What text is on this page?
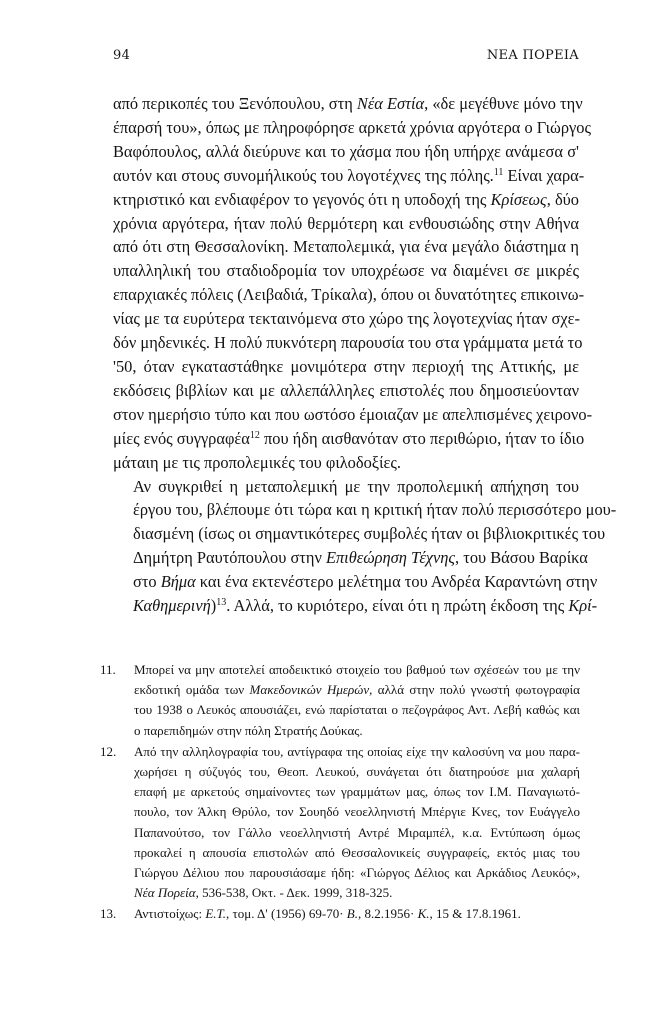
94	ΝΕΑ ΠΟΡΕΙΑ

από περικοπές του Ξενόπουλου, στη Νέα Εστία, «δε μεγέθυνε μόνο την
έπαρσή του», όπως με πληροφόρησε αρκετά χρόνια αργότερα ο Γιώργος
Βαφόπουλος, αλλά διεύρυνε και το χάσμα που ήδη υπήρχε ανάμεσα σ'
αυτόν και στους συνομήλικούς του λογοτέχνες της πόλης.$^{11}$ Είναι χαρα-
κτηριστικό και ενδιαφέρον το γεγονός ότι η υποδοχή της Κρίσεως, δύο
χρόνια αργότερα, ήταν πολύ θερμότερη και ενθουσιώδης στην Αθήνα
από ότι στη Θεσσαλονίκη. Μεταπολεμικά, για ένα μεγάλο διάστημα η
υπαλληλική του σταδιοδρομία τον υποχρέωσε να διαμένει σε μικρές
επαρχιακές πόλεις (Λειβαδιά, Τρίκαλα), όπου οι δυνατότητες επικοινω-
νίας με τα ευρύτερα τεκταινόμενα στο χώρο της λογοτεχνίας ήταν σχε-
δόν μηδενικές. Η πολύ πυκνότερη παρουσία του στα γράμματα μετά το
'50, όταν εγκαταστάθηκε μονιμότερα στην περιοχή της Αττικής, με
εκδόσεις βιβλίων και με αλλεπάλληλες επιστολές που δημοσιεύονταν
στον ημερήσιο τύπο και που ωστόσο έμοιαζαν με απελπισμένες χειρονο-
μίες ενός συγγραφέα$^{12}$ που ήδη αισθανόταν στο περιθώριο, ήταν το ίδιο
μάταιη με τις προπολεμικές του φιλοδοξίες.

Αν συγκριθεί η μεταπολεμική με την προπολεμική απήχηση του
έργου του, βλέπουμε ότι τώρα και η κριτική ήταν πολύ περισσότερο μου-
διασμένη (ίσως οι σημαντικότερες συμβολές ήταν οι βιβλιοκριτικές του
Δημήτρη Ραυτόπουλου στην Επιθεώρηση Τέχνης, του Βάσου Βαρίκα
στο Βήμα και ένα εκτενέστερο μελέτημα του Ανδρέα Καραντώνη στην
Καθημερινή)$^{13}$. Αλλά, το κυριότερο, είναι ότι η πρώτη έκδοση της Κρί-

11. Μπορεί να μην αποτελεί αποδεικτικό στοιχείο του βαθμού των σχέσεών του με την
εκδοτική ομάδα των Μακεδονικών Ημερών, αλλά στην πολύ γνωστή φωτογραφία
του 1938 ο Λευκός απουσιάζει, ενώ παρίσταται ο πεζογράφος Αντ. Λεβή καθώς και
ο παρεπιδημών στην πόλη Στρατής Δούκας.
12. Από την αλληλογραφία του, αντίγραφα της οποίας είχε την καλοσύνη να μου παρα-
χωρήσει η σύζυγός του, Θεοπ. Λευκού, συνάγεται ότι διατηρούσε μια χαλαρή
επαφή με αρκετούς σημαίνοντες των γραμμάτων μας, όπως τον Ι.Μ. Παναγιωτό-
πουλο, τον Άλκη Θρύλο, τον Σουηδό νεοελληνιστή Μπέργιε Κνες, τον Ευάγγελο
Παπανούτσο, τον Γάλλο νεοελληνιστή Αντρέ Μιραμπέλ, κ.α. Εντύπωση όμως
προκαλεί η απουσία επιστολών από Θεσσαλονικείς συγγραφείς, εκτός μιας του
Γιώργου Δέλιου που παρουσιάσαμε ήδη: «Γιώργος Δέλιος και Αρκάδιος Λευκός»,
Νέα Πορεία, 536-538, Οκτ. - Δεκ. 1999, 318-325.
13. Αντιστοίχως: Ε.Τ., τομ. Δ' (1956) 69-70· Β., 8.2.1956· Κ., 15 & 17.8.1961.
